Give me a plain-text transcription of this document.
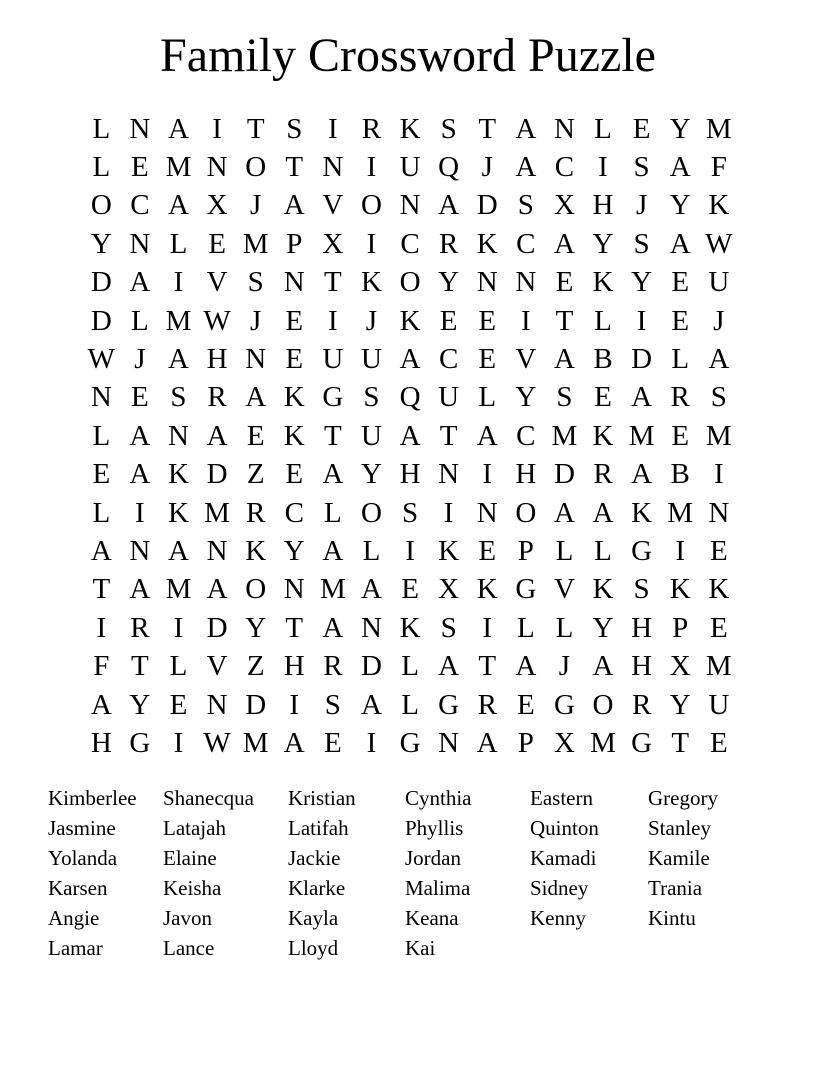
Family Crossword Puzzle
L N A I T S I R K S T A N L E Y M
L E M N O T N I U Q J A C I S A F
O C A X J A V O N A D S X H J Y K
Y N L E M P X I C R K C A Y S A W
D A I V S N T K O Y N N E K Y E U
D L M W J E I J K E E I T L I E J
W J A H N E U U A C E V A B D L A
N E S R A K G S Q U L Y S E A R S
L A N A E K T U A T A C M K M E M
E A K D Z E A Y H N I H D R A B I
L I K M R C L O S I N O A A K M N
A N A N K Y A L I K E P L L G I E
T A M A O N M A E X K G V K S K K
I R I D Y T A N K S I L L Y H P E
F T L V Z H R D L A T A J A H X M
A Y E N D I S A L G R E G O R Y U
H G I W M A E I G N A P X M G T E
Kimberlee
Jasmine
Yolanda
Karsen
Angie
Lamar
Shanecqua
Latajah
Elaine
Keisha
Javon
Lance
Kristian
Latifah
Jackie
Klarke
Kayla
Lloyd
Cynthia
Phyllis
Jordan
Malima
Keana
Kai
Eastern
Quinton
Kamadi
Sidney
Kenny
Gregory
Stanley
Kamile
Trania
Kintu
